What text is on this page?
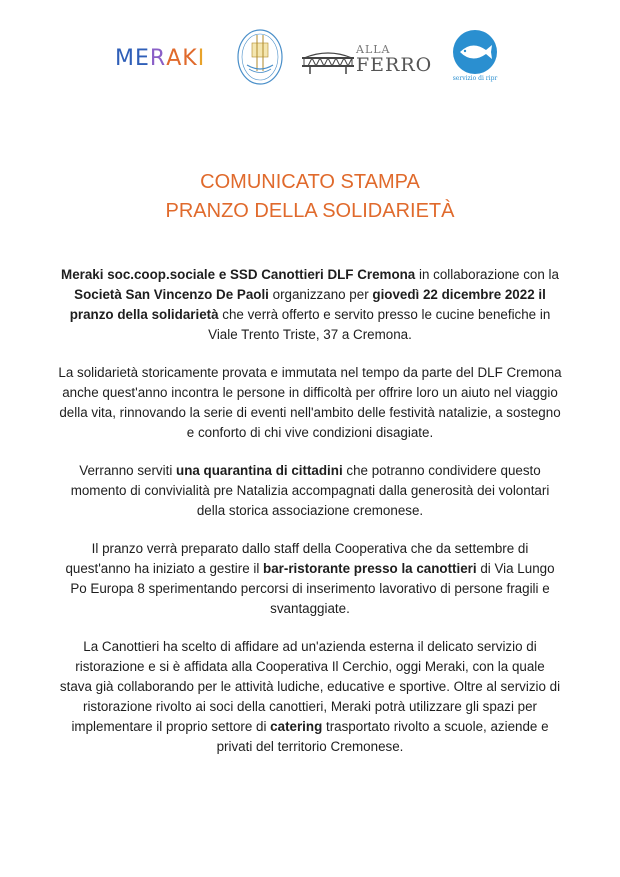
MERAKI	ALLA
FERRO
servizio di ripr
COMUNICATO STAMPA
PRANZO DELLA SOLIDARIETÀ

Meraki soc.coop.sociale e SSD Canottieri DLF Cremona in collaborazione con la Società San Vincenzo De Paoli organizzano per giovedì 22 dicembre 2022 il pranzo della solidarietà che verrà offerto e servito presso le cucine benefiche in Viale Trento Triste, 37 a Cremona.

La solidarietà storicamente provata e immutata nel tempo da parte del DLF Cremona anche quest'anno incontra le persone in difficoltà per offrire loro un aiuto nel viaggio della vita, rinnovando la serie di eventi nell'ambito delle festività natalizie, a sostegno e conforto di chi vive condizioni disagiate.

Verranno serviti una quarantina di cittadini che potranno condividere questo momento di convivialità pre Natalizia accompagnati dalla generosità dei volontari della storica associazione cremonese.

Il pranzo verrà preparato dallo staff della Cooperativa che da settembre di quest'anno ha iniziato a gestire il bar-ristorante presso la canottieri di Via Lungo Po Europa 8 sperimentando percorsi di inserimento lavorativo di persone fragili e svantaggiate.

La Canottieri ha scelto di affidare ad un'azienda esterna il delicato servizio di ristorazione e si è affidata alla Cooperativa Il Cerchio, oggi Meraki, con la quale stava già collaborando per le attività ludiche, educative e sportive. Oltre al servizio di ristorazione rivolto ai soci della canottieri, Meraki potrà utilizzare gli spazi per implementare il proprio settore di catering trasportato rivolto a scuole, aziende e privati del territorio Cremonese.
